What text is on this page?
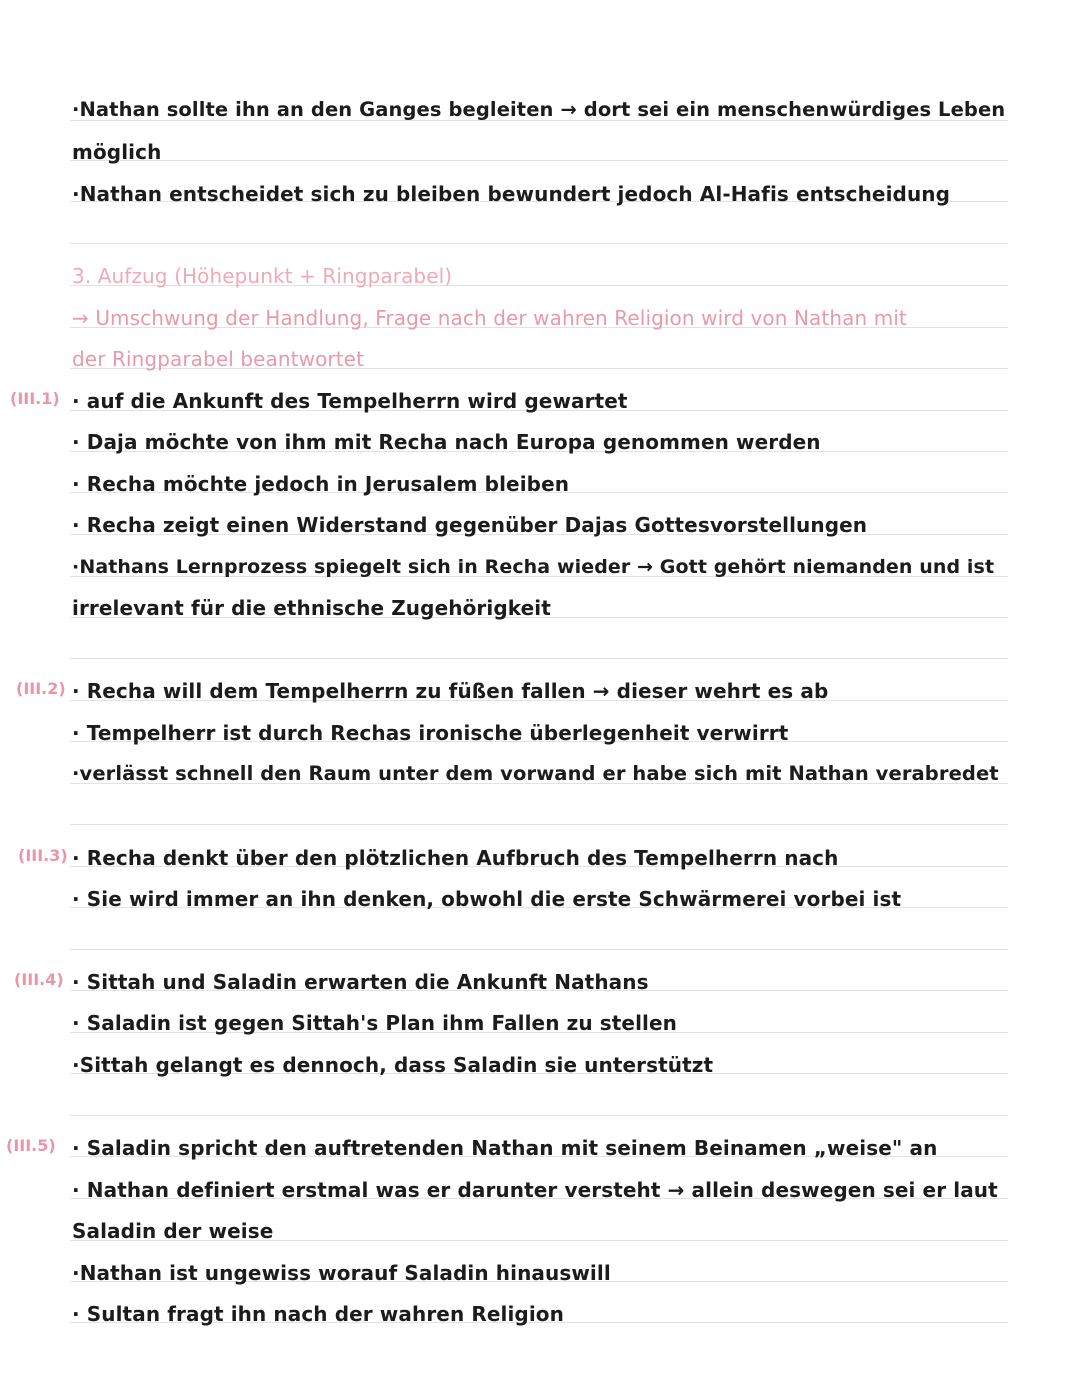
·Nathan sollte ihn an den Ganges begleiten → dort sei ein menschenwürdiges Leben
möglich
·Nathan entscheidet sich zu bleiben bewundert jedoch Al-Hafis entscheidung
3. Aufzug (Höhepunkt + Ringparabel)
→ Umschwung der Handlung, Frage nach der wahren Religion wird von Nathan mit
der Ringparabel beantwortet
(III.1) · auf die Ankunft des Tempelherrn wird gewartet
· Daja möchte von ihm mit Recha nach Europa genommen werden
· Recha möchte jedoch in Jerusalem bleiben
· Recha zeigt einen Widerstand gegenüber Dajas Gottesvorstellungen
·Nathans Lernprozess spiegelt sich in Recha wieder → Gott gehört niemanden und ist
irrelevant für die ethnische Zugehörigkeit
(III.2) · Recha will dem Tempelherrn zu füßen fallen → dieser wehrt es ab
· Tempelherr ist durch Rechas ironische überlegenheit verwirrt
·verlässt schnell den Raum unter dem vorwand er habe sich mit Nathan verabredet
(III.3) · Recha denkt über den plötzlichen Aufbruch des Tempelherrn nach
· Sie wird immer an ihn denken, obwohl die erste Schwärmerei vorbei ist
(III.4) · Sittah und Saladin erwarten die Ankunft Nathans
· Saladin ist gegen Sittah's Plan ihm Fallen zu stellen
·Sittah gelangt es dennoch, dass Saladin sie unterstützt
(III.5) · Saladin spricht den auftretenden Nathan mit seinem Beinamen „weise" an
· Nathan definiert erstmal was er darunter versteht → allein deswegen sei er laut
Saladin der weise
·Nathan ist ungewiss worauf Saladin hinauswill
· Sultan fragt ihn nach der wahren Religion
